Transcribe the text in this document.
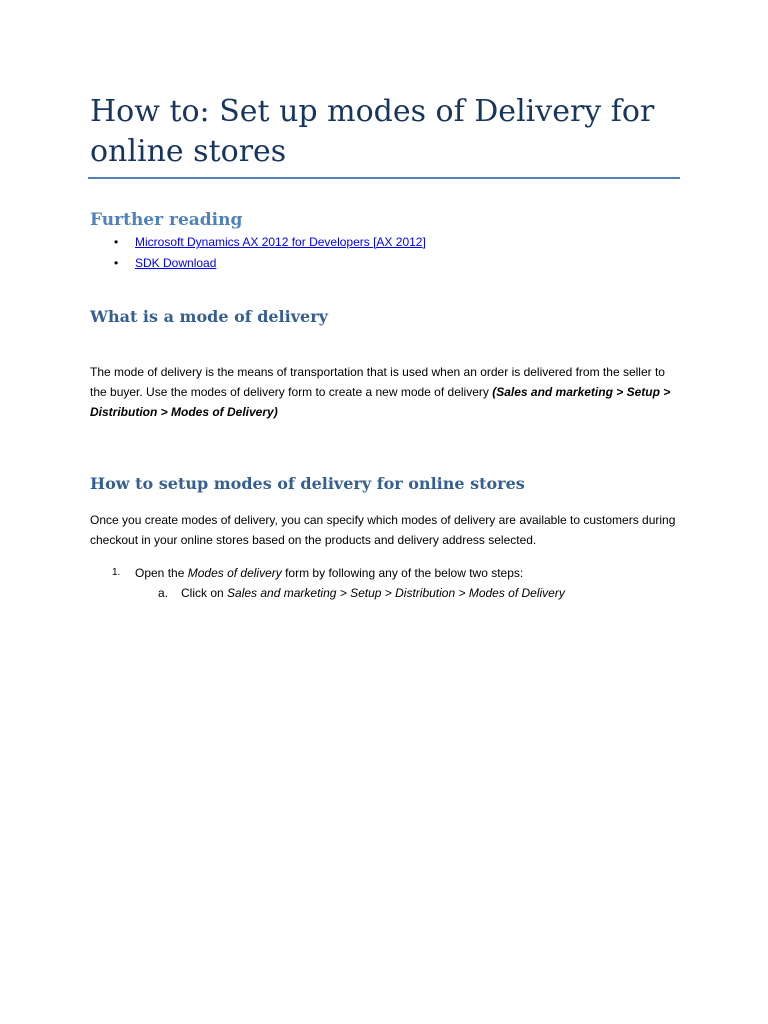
How to: Set up modes of Delivery for online stores
Further reading
• Microsoft Dynamics AX 2012 for Developers [AX 2012]
• SDK Download
What is a mode of delivery

The mode of delivery is the means of transportation that is used when an order is delivered from the seller to the buyer. Use the modes of delivery form to create a new mode of delivery (Sales and marketing > Setup > Distribution > Modes of Delivery)

How to setup modes of delivery for online stores

Once you create modes of delivery, you can specify which modes of delivery are available to customers during checkout in your online stores based on the products and delivery address selected.

1. Open the Modes of delivery form by following any of the below two steps:
a. Click on Sales and marketing > Setup > Distribution > Modes of Delivery
